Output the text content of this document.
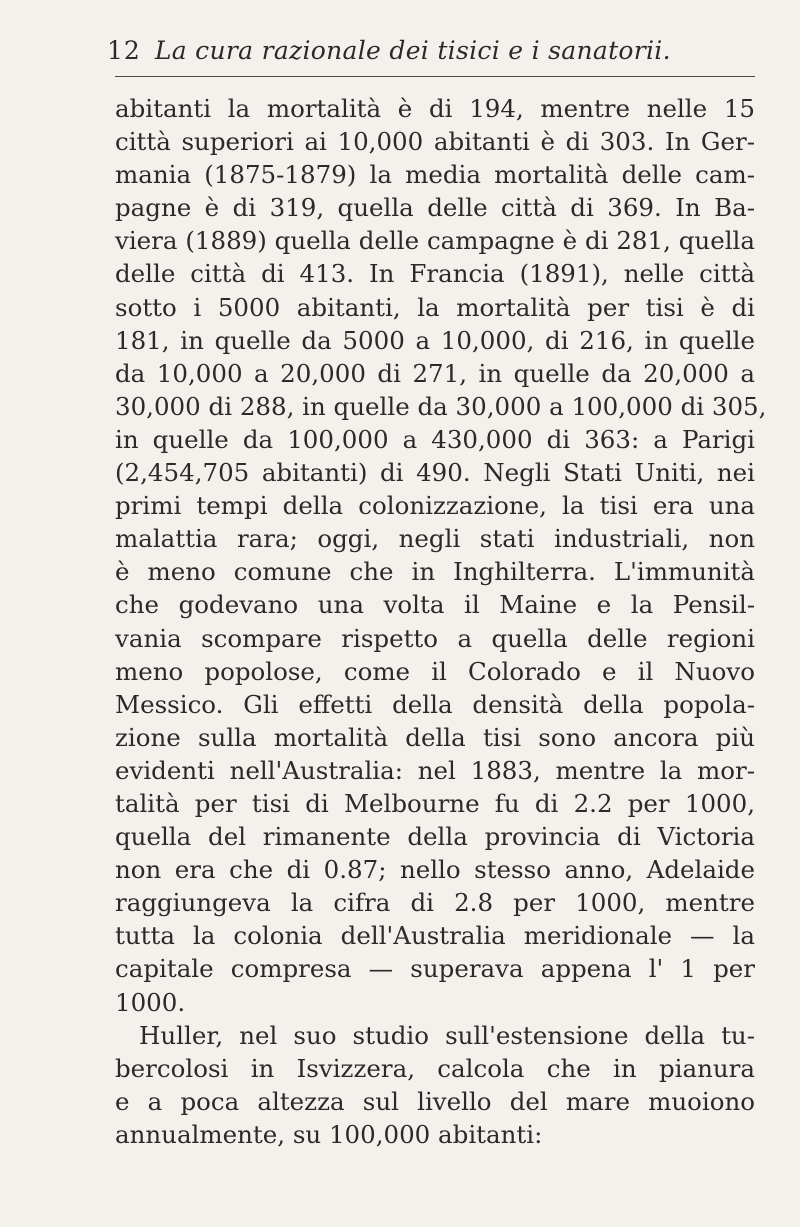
12 La cura razionale dei tisici e i sanatorii.
abitanti la mortalità è di 194, mentre nelle 15
città superiori ai 10,000 abitanti è di 303. In Ger-
mania (1875-1879) la media mortalità delle cam-
pagne è di 319, quella delle città di 369. In Ba-
viera (1889) quella delle campagne è di 281, quella
delle città di 413. In Francia (1891), nelle città
sotto i 5000 abitanti, la mortalità per tisi è di
181, in quelle da 5000 a 10,000, di 216, in quelle
da 10,000 a 20,000 di 271, in quelle da 20,000 a
30,000 di 288, in quelle da 30,000 a 100,000 di 305,
in quelle da 100,000 a 430,000 di 363: a Parigi
(2,454,705 abitanti) di 490. Negli Stati Uniti, nei
primi tempi della colonizzazione, la tisi era una
malattia rara; oggi, negli stati industriali, non
è meno comune che in Inghilterra. L'immunità
che godevano una volta il Maine e la Pensil-
vania scompare rispetto a quella delle regioni
meno popolose, come il Colorado e il Nuovo
Messico. Gli effetti della densità della popola-
zione sulla mortalità della tisi sono ancora più
evidenti nell'Australia: nel 1883, mentre la mor-
talità per tisi di Melbourne fu di 2.2 per 1000,
quella del rimanente della provincia di Victoria
non era che di 0.87; nello stesso anno, Adelaide
raggiungeva la cifra di 2.8 per 1000, mentre
tutta la colonia dell'Australia meridionale — la
capitale compresa — superava appena l' 1 per
1000.
Huller, nel suo studio sull'estensione della tu-
bercolosi in Isvizzera, calcola che in pianura
e a poca altezza sul livello del mare muoiono
annualmente, su 100,000 abitanti:
